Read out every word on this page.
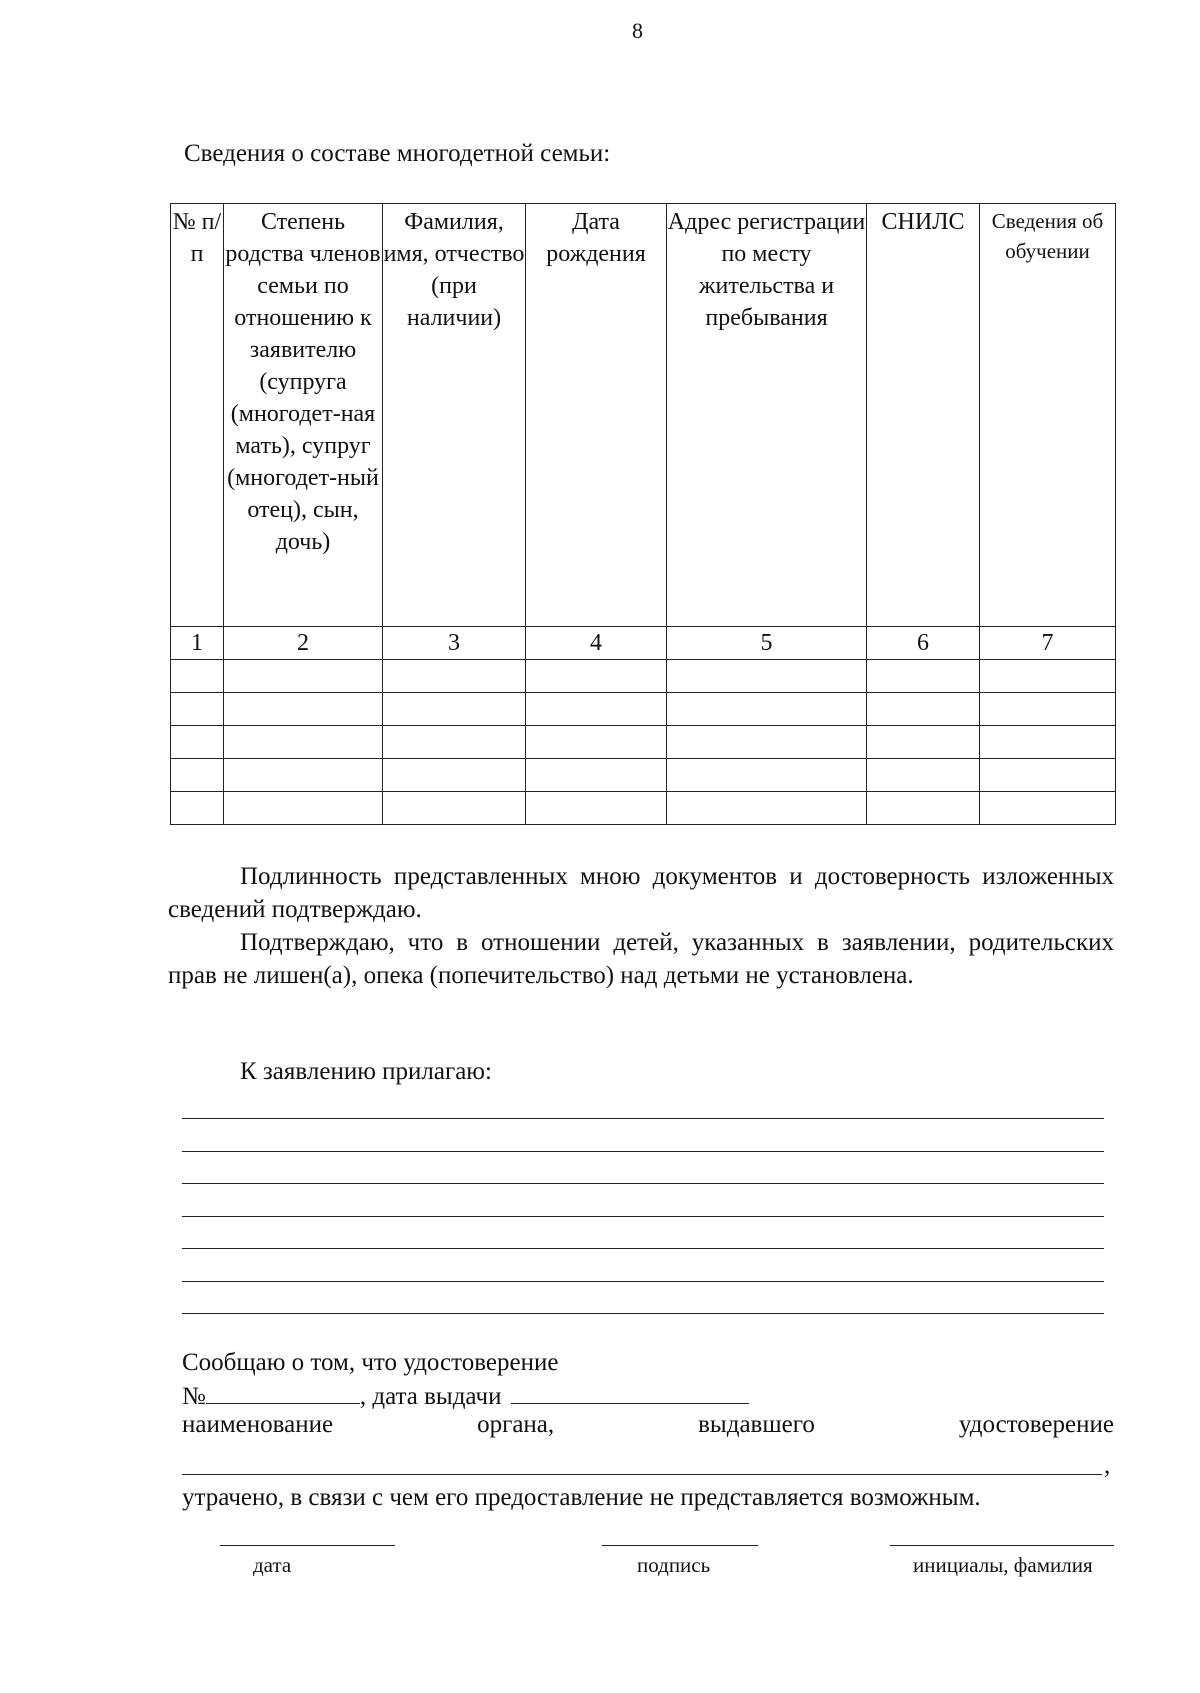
8
Сведения о составе многодетной семьи:
№ п/п	Степень родства членов семьи по отношению к заявителю (супруга (многодет-ная мать), супруг (многодет-ный отец), сын, дочь)	Фамилия, имя, отчество (при наличии)	Дата рождения	Адрес регистрации по месту жительства и пребывания	СНИЛС	Сведения об обучении
1	2	3	4	5	6	7

Подлинность представленных мною документов и достоверность изложенных сведений подтверждаю.
Подтверждаю, что в отношении детей, указанных в заявлении, родительских прав не лишен(а), опека (попечительство) над детьми не установлена.
К заявлению прилагаю:
Сообщаю о том, что удостоверение
№	, дата выдачи
наименование	органа,	выдавшего	удостоверение
,
утрачено, в связи с чем его предоставление не представляется возможным.
дата	подпись	инициалы, фамилия
